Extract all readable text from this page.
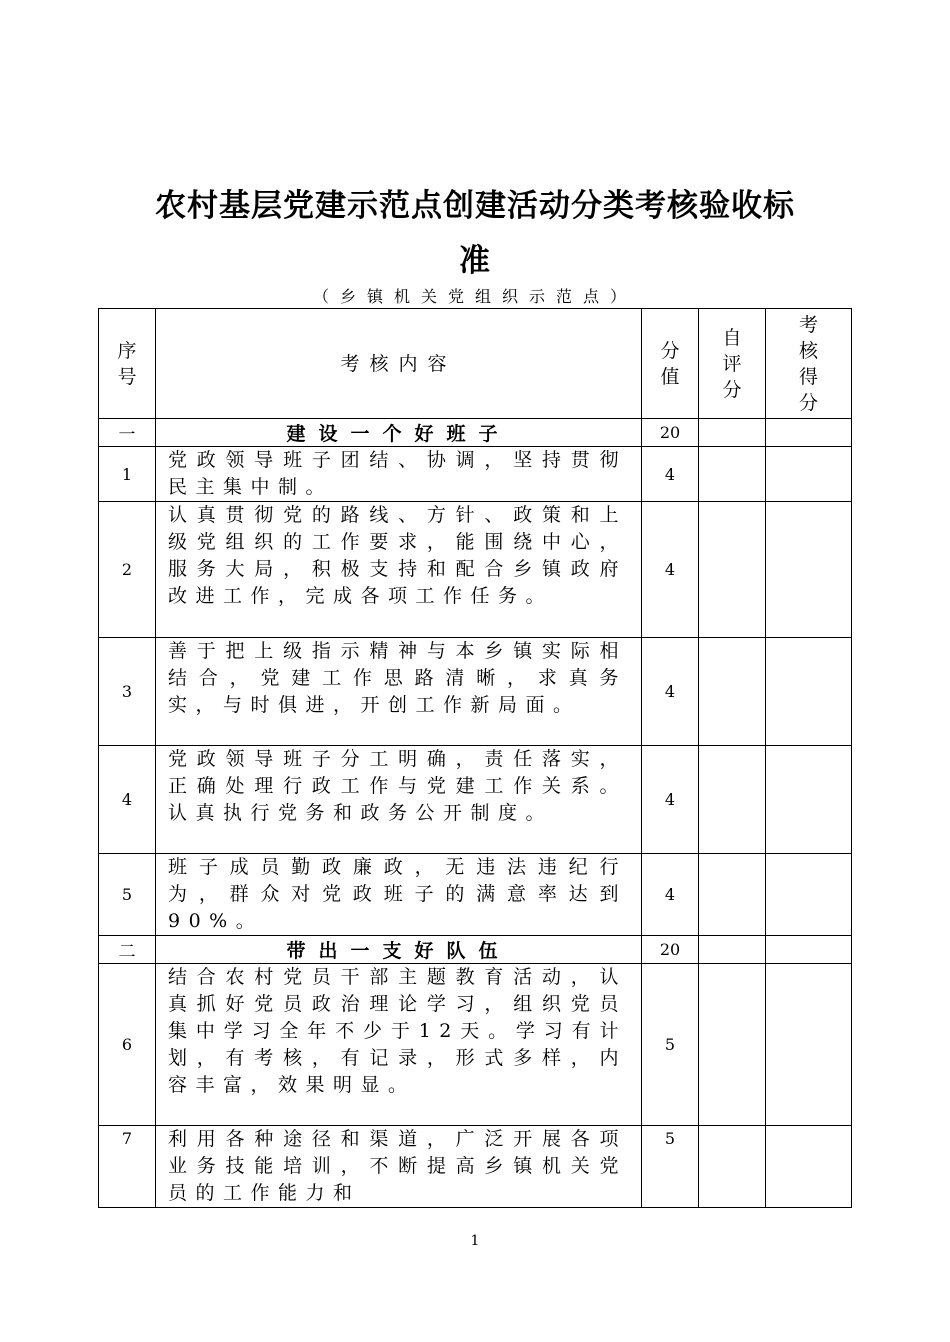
农村基层党建示范点创建活动分类考核验收标
准
（乡镇机关党组织示范点）
序号	考核内容	分值	自评分	考核得分

一	建设一个好班子	20		
1	党政领导班子团结、协调，坚持贯彻民主集中制。	4		
2	认真贯彻党的路线、方针、政策和上级党组织的工作要求，能围绕中心，服务大局，积极支持和配合乡镇政府改进工作，完成各项工作任务。	4		
3	善于把上级指示精神与本乡镇实际相结合，党建工作思路清晰，求真务实，与时俱进，开创工作新局面。	4		
4	党政领导班子分工明确，责任落实，正确处理行政工作与党建工作关系。认真执行党务和政务公开制度。	4		
5	班子成员勤政廉政，无违法违纪行为，群众对党政班子的满意率达到90%。	4		
二	带出一支好队伍	20		
6	结合农村党员干部主题教育活动，认真抓好党员政治理论学习，组织党员集中学习全年不少于12天。学习有计划，有考核，有记录，形式多样，内容丰富，效果明显。	5		
7	利用各种途径和渠道，广泛开展各项业务技能培训，不断提高乡镇机关党员的工作能力和	5		
1
